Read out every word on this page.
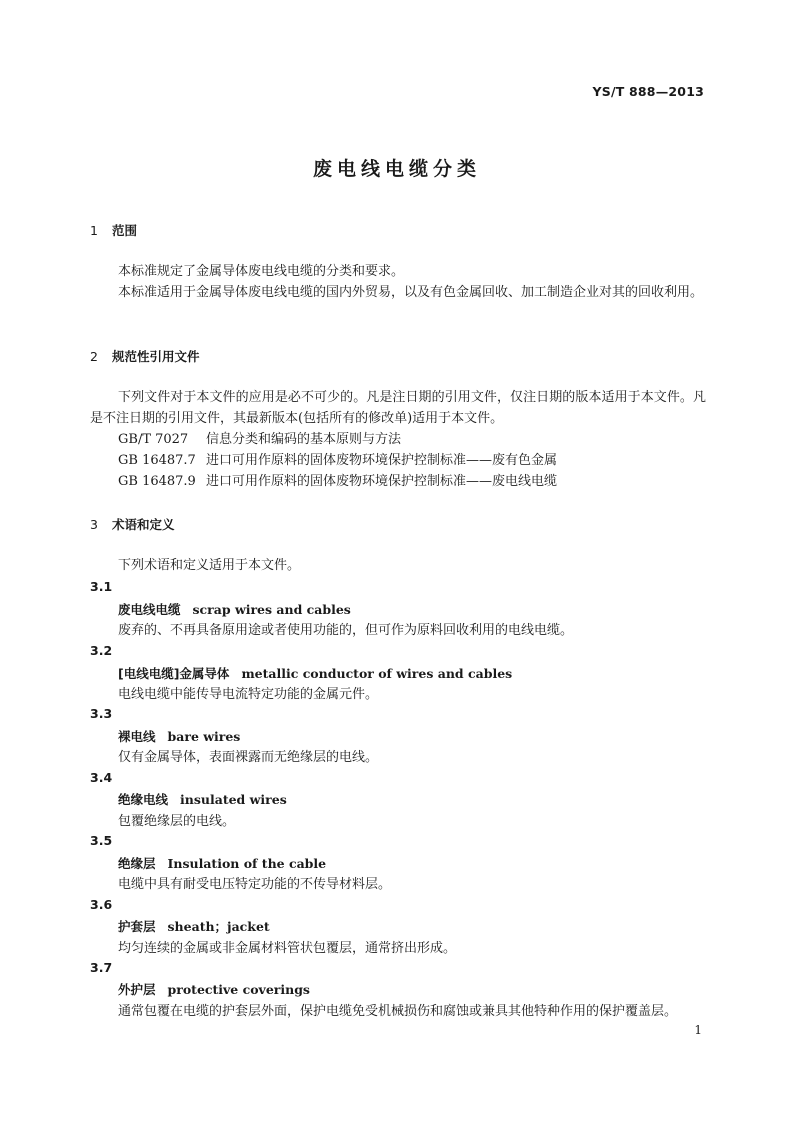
YS/T 888—2013
废电线电缆分类
1 范围
本标准规定了金属导体废电线电缆的分类和要求。
本标准适用于金属导体废电线电缆的国内外贸易，以及有色金属回收、加工制造企业对其的回收利用。
2 规范性引用文件
下列文件对于本文件的应用是必不可少的。凡是注日期的引用文件，仅注日期的版本适用于本文件。凡是不注日期的引用文件，其最新版本(包括所有的修改单)适用于本文件。
GB/T 7027 信息分类和编码的基本原则与方法
GB 16487.7 进口可用作原料的固体废物环境保护控制标准——废有色金属
GB 16487.9 进口可用作原料的固体废物环境保护控制标准——废电线电缆
3 术语和定义
下列术语和定义适用于本文件。
3.1
废电线电缆 scrap wires and cables
废弃的、不再具备原用途或者使用功能的，但可作为原料回收利用的电线电缆。
3.2
[电线电缆]金属导体 metallic conductor of wires and cables
电线电缆中能传导电流特定功能的金属元件。
3.3
裸电线 bare wires
仅有金属导体，表面裸露而无绝缘层的电线。
3.4
绝缘电线 insulated wires
包覆绝缘层的电线。
3.5
绝缘层 Insulation of the cable
电缆中具有耐受电压特定功能的不传导材料层。
3.6
护套层 sheath；jacket
均匀连续的金属或非金属材料管状包覆层，通常挤出形成。
3.7
外护层 protective coverings
通常包覆在电缆的护套层外面，保护电缆免受机械损伤和腐蚀或兼具其他特种作用的保护覆盖层。
1
